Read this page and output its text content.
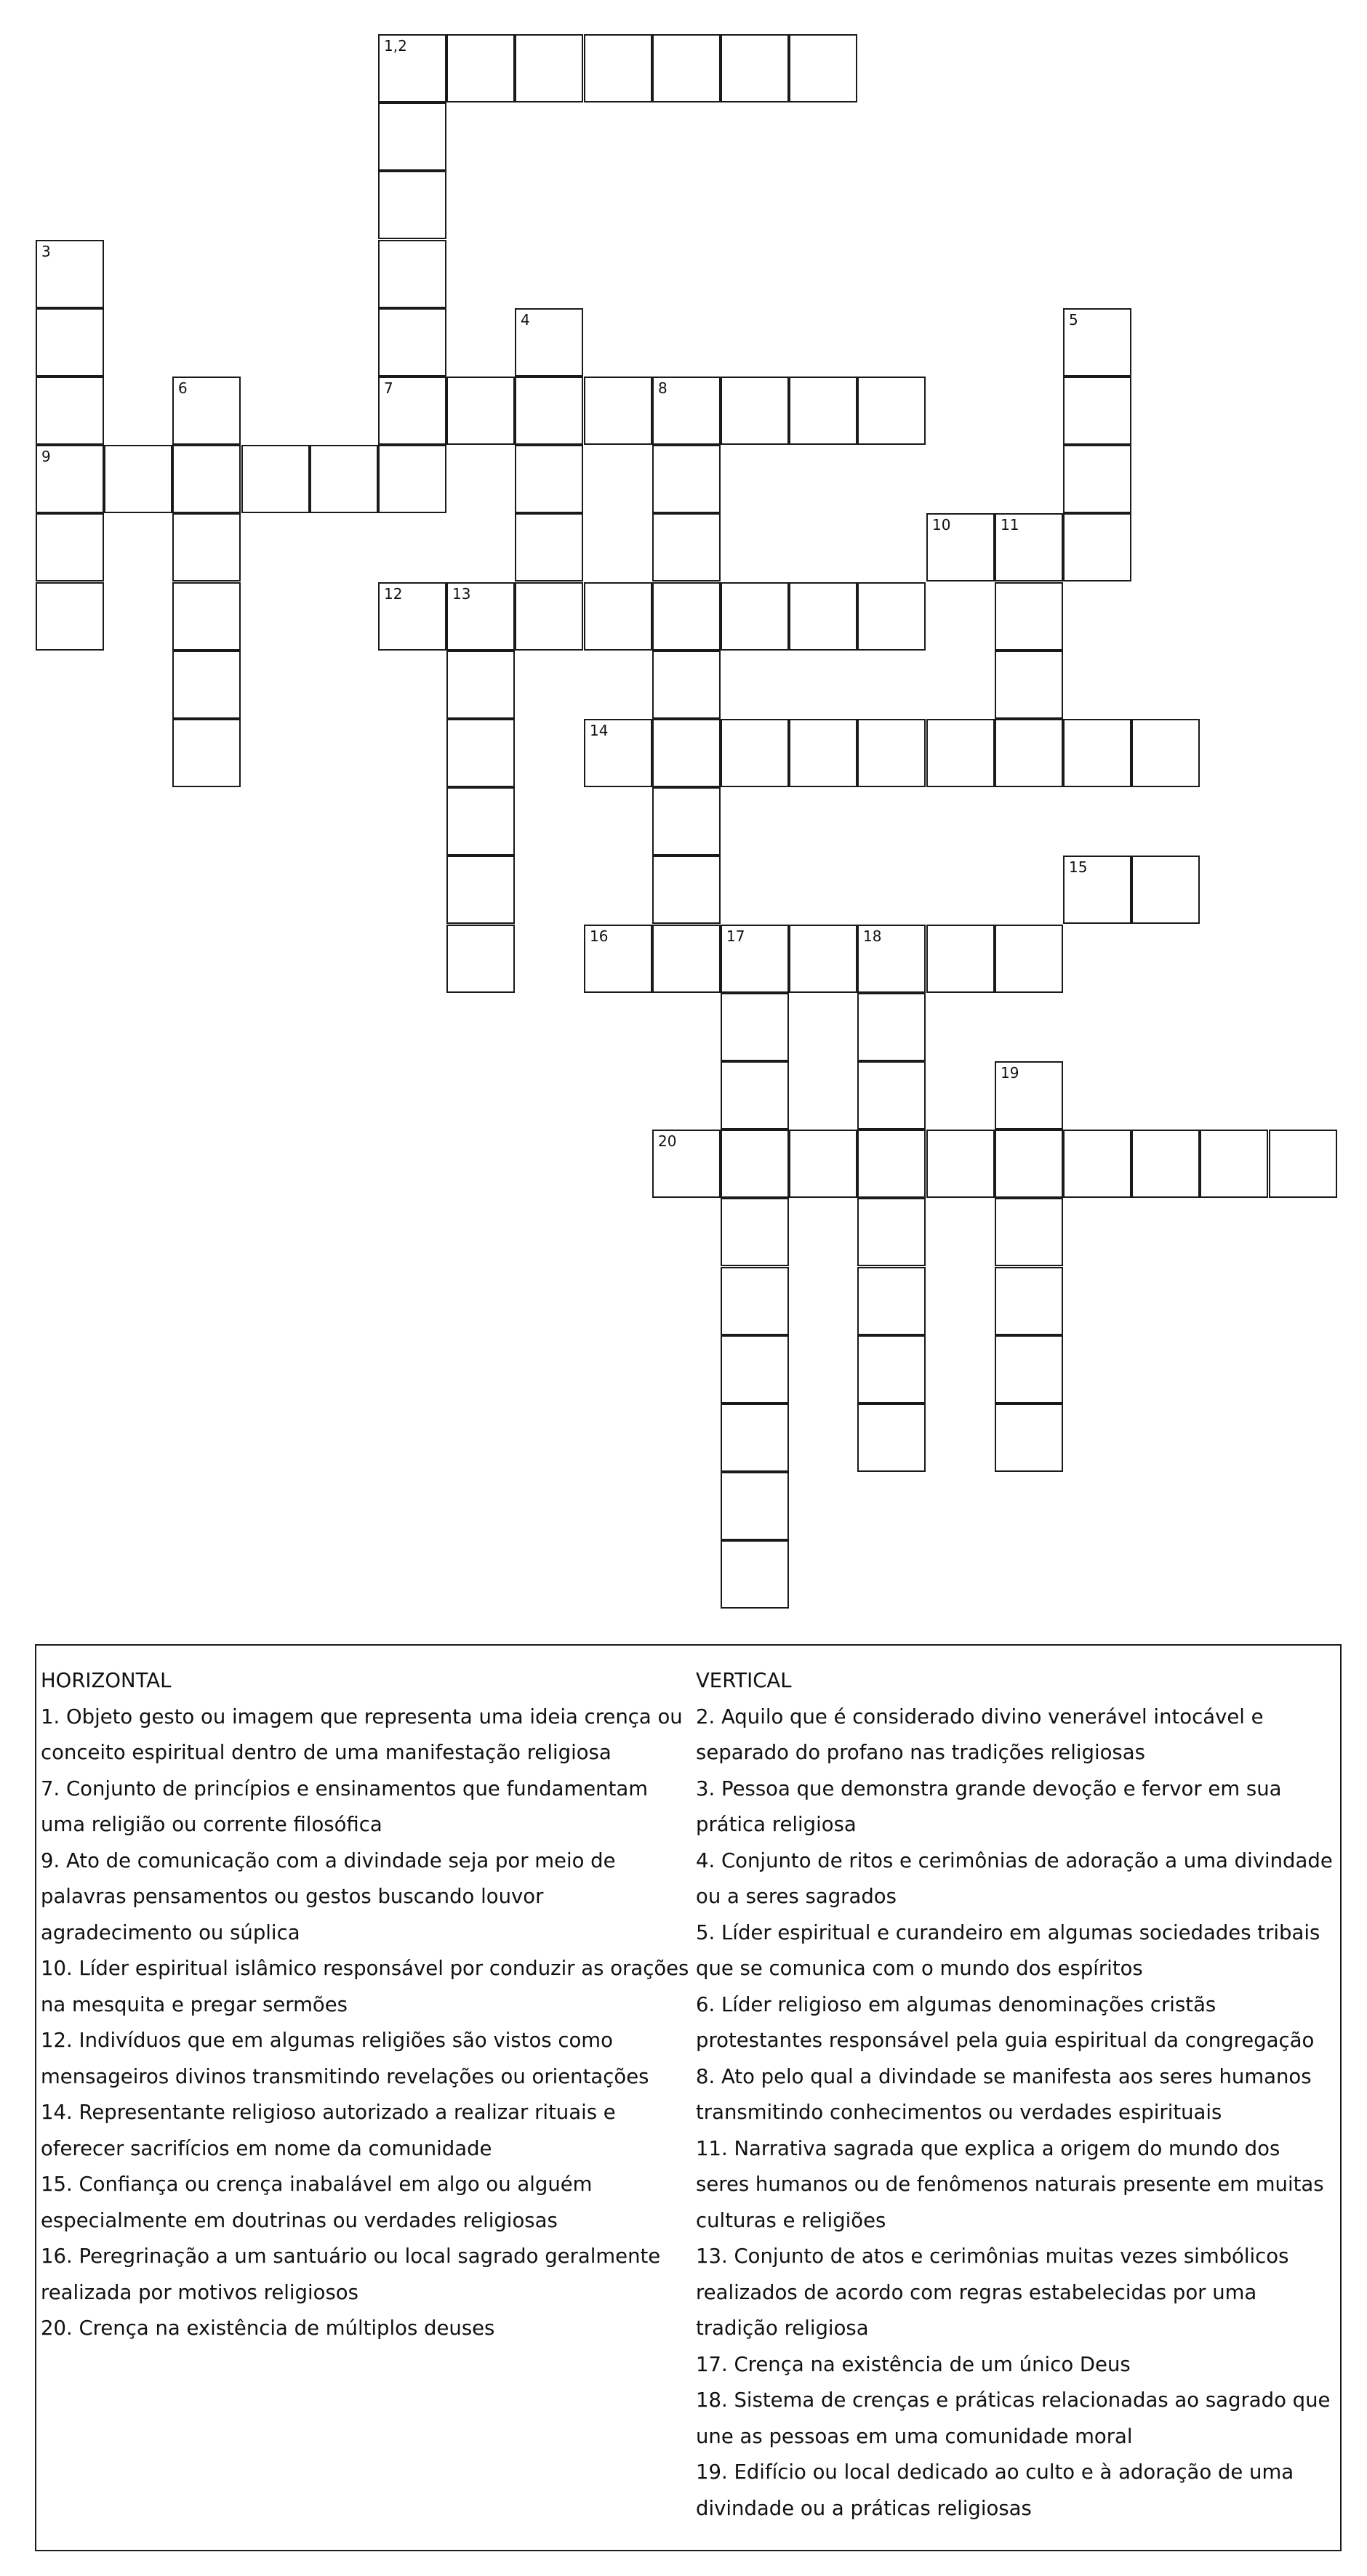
1,2
7
3
9
4	5
6	8
10	11
12	13
14
15
16	17	18
19
20
HORIZONTAL
1. Objeto gesto ou imagem que representa uma ideia crença ou conceito espiritual dentro de uma manifestação religiosa
7. Conjunto de princípios e ensinamentos que fundamentam uma religião ou corrente filosófica
9. Ato de comunicação com a divindade seja por meio de palavras pensamentos ou gestos buscando louvor agradecimento ou súplica
10. Líder espiritual islâmico responsável por conduzir as orações na mesquita e pregar sermões
12. Indivíduos que em algumas religiões são vistos como mensageiros divinos transmitindo revelações ou orientações
14. Representante religioso autorizado a realizar rituais e oferecer sacrifícios em nome da comunidade
15. Confiança ou crença inabalável em algo ou alguém especialmente em doutrinas ou verdades religiosas
16. Peregrinação a um santuário ou local sagrado geralmente realizada por motivos religiosos
20. Crença na existência de múltiplos deuses
VERTICAL
2. Aquilo que é considerado divino venerável intocável e separado do profano nas tradições religiosas
3. Pessoa que demonstra grande devoção e fervor em sua prática religiosa
4. Conjunto de ritos e cerimônias de adoração a uma divindade ou a seres sagrados
5. Líder espiritual e curandeiro em algumas sociedades tribais que se comunica com o mundo dos espíritos
6. Líder religioso em algumas denominações cristãs protestantes responsável pela guia espiritual da congregação
8. Ato pelo qual a divindade se manifesta aos seres humanos transmitindo conhecimentos ou verdades espirituais
11. Narrativa sagrada que explica a origem do mundo dos seres humanos ou de fenômenos naturais presente em muitas culturas e religiões
13. Conjunto de atos e cerimônias muitas vezes simbólicos realizados de acordo com regras estabelecidas por uma tradição religiosa
17. Crença na existência de um único Deus
18. Sistema de crenças e práticas relacionadas ao sagrado que une as pessoas em uma comunidade moral
19. Edifício ou local dedicado ao culto e à adoração de uma divindade ou a práticas religiosas
